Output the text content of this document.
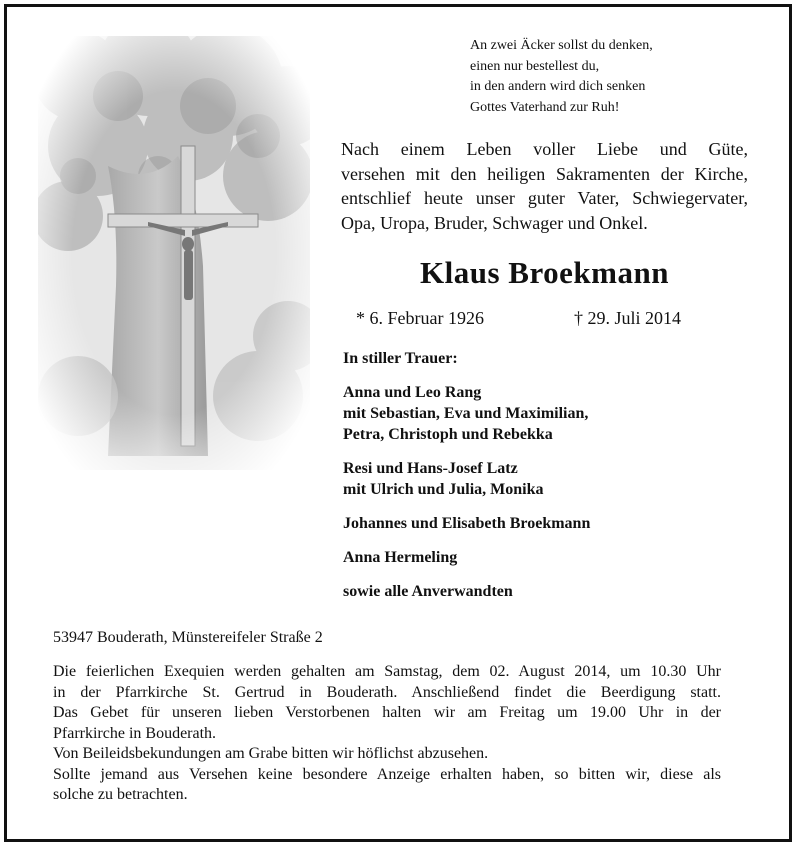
An zwei Äcker sollst du denken,
einen nur bestellest du,
in den andern wird dich senken
Gottes Vaterhand zur Ruh!
Nach einem Leben voller Liebe und Güte,
versehen mit den heiligen Sakramenten der Kirche,
entschlief heute unser guter Vater, Schwiegervater,
Opa, Uropa, Bruder, Schwager und Onkel.
Klaus Broekmann
* 6. Februar 1926	† 29. Juli 2014
In stiller Trauer:
Anna und Leo Rang
mit Sebastian, Eva und Maximilian,
Petra, Christoph und Rebekka
Resi und Hans-Josef Latz
mit Ulrich und Julia, Monika
Johannes und Elisabeth Broekmann
Anna Hermeling
sowie alle Anverwandten
53947 Bouderath, Münstereifeler Straße 2
Die feierlichen Exequien werden gehalten am Samstag, dem 02. August 2014, um 10.30 Uhr
in der Pfarrkirche St. Gertrud in Bouderath. Anschließend findet die Beerdigung statt.
Das Gebet für unseren lieben Verstorbenen halten wir am Freitag um 19.00 Uhr in der
Pfarrkirche in Bouderath.
Von Beileidsbekundungen am Grabe bitten wir höflichst abzusehen.
Sollte jemand aus Versehen keine besondere Anzeige erhalten haben, so bitten wir, diese als
solche zu betrachten.
